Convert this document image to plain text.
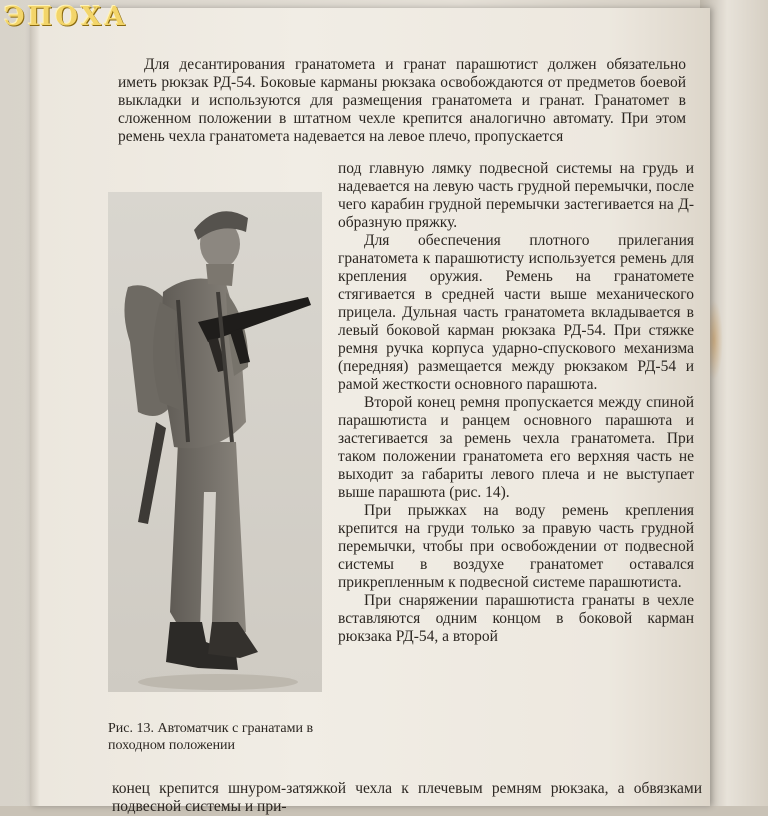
ЭПОХА

Для десантирования гранатомета и гранат парашютист должен обязательно иметь рюкзак РД-54. Боковые карманы рюкзака освобождаются от предметов боевой выкладки и используются для размещения гранатомета и гранат. Гранатомет в сложенном положении в штатном чехле крепится аналогично автомату. При этом ремень чехла гранатомета надевается на левое плечо, пропускается

под главную лямку подвесной системы на грудь и надевается на левую часть грудной перемычки, после чего карабин грудной перемычки застегивается на Д-образную пряжку.

Для обеспечения плотного прилегания гранатомета к парашютисту используется ремень для крепления оружия. Ремень на гранатомете стягивается в средней части выше механического прицела. Дульная часть гранатомета вкладывается в левый боковой карман рюкзака РД-54. При стяжке ремня ручка корпуса ударно-спускового механизма (передняя) размещается между рюкзаком РД-54 и рамой жесткости основного парашюта.

Второй конец ремня пропускается между спиной парашютиста и ранцем основного парашюта и застегивается за ремень чехла гранатомета. При таком положении гранатомета его верхняя часть не выходит за габариты левого плеча и не выступает выше парашюта (рис. 14).

При прыжках на воду ремень крепления крепится на груди только за правую часть грудной перемычки, чтобы при освобождении от подвесной системы в воздухе гранатомет оставался прикрепленным к подвесной системе парашютиста.

При снаряжении парашютиста гранаты в чехле вставляются одним концом в боковой карман рюкзака РД-54, а второй

Рис. 13. Автоматчик с гранатами в походном положении

конец крепится шнуром-затяжкой чехла к плечевым ремням рюкзака, а обвязками подвесной системы и при-
